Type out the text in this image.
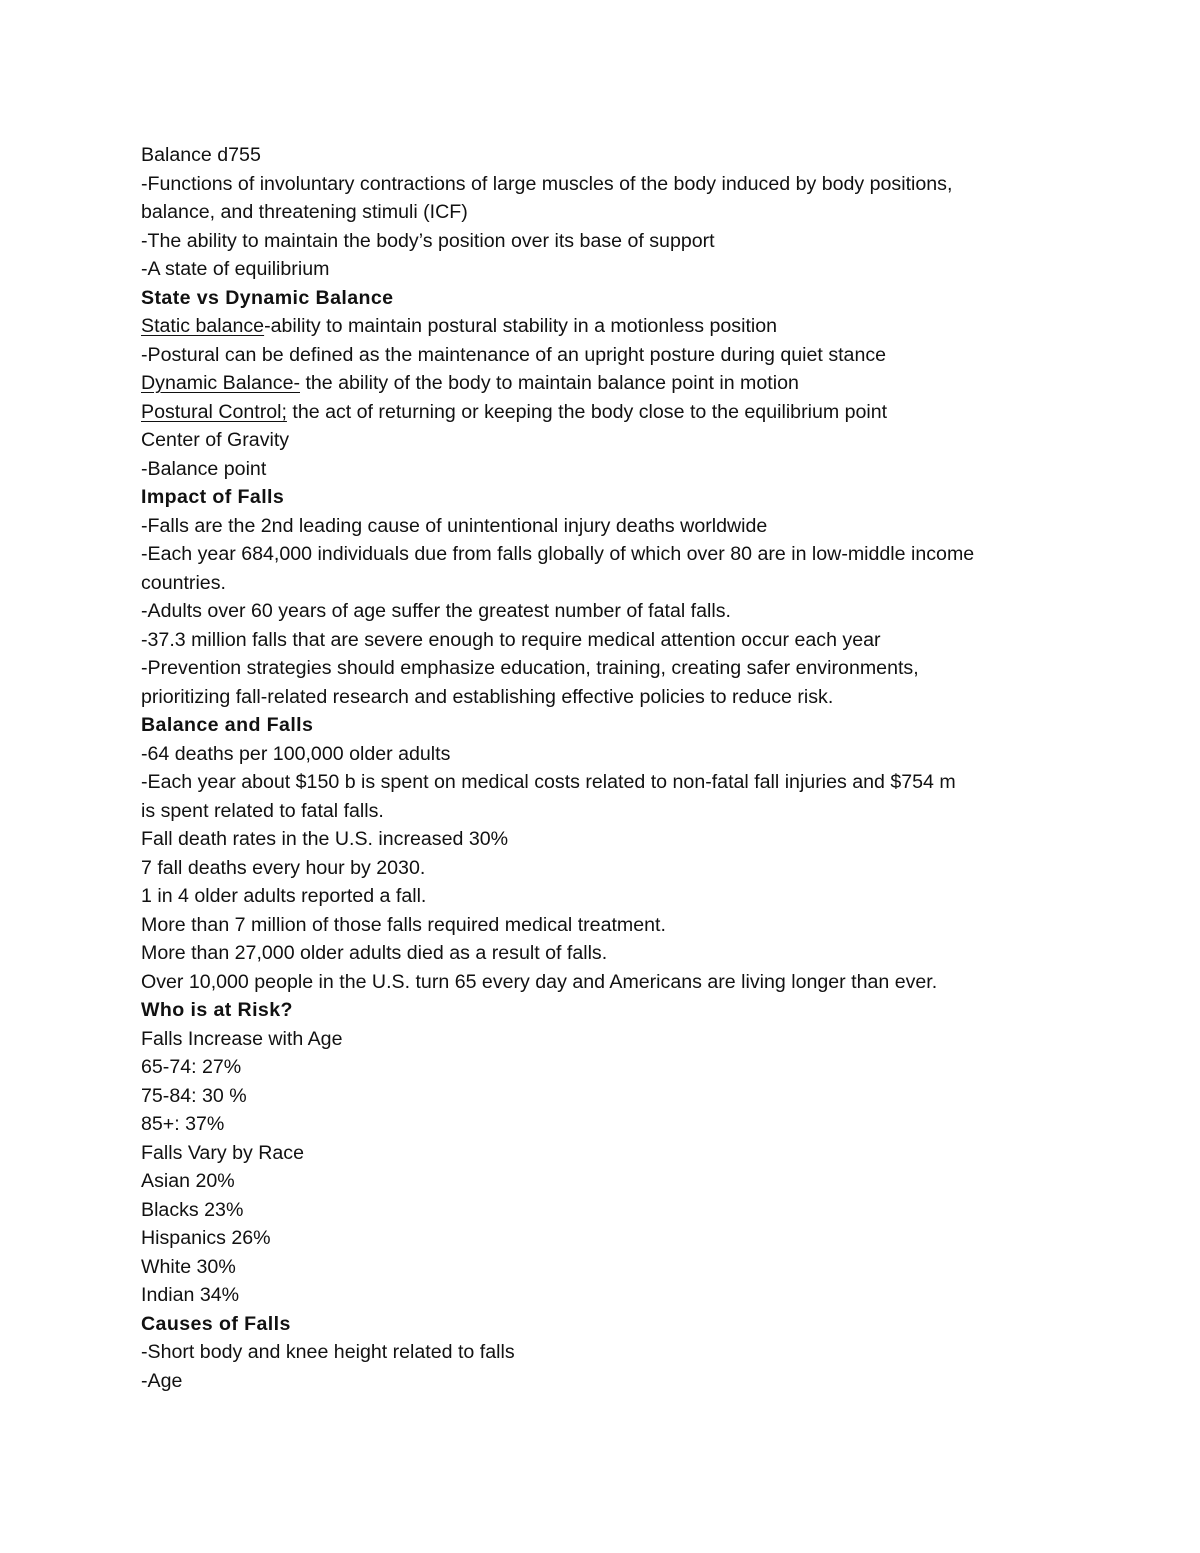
Balance d755
-Functions of involuntary contractions of large muscles of the body induced by body positions,
balance, and threatening stimuli (ICF)
-The ability to maintain the body’s position over its base of support
-A state of equilibrium
State vs Dynamic Balance
Static balance-ability to maintain postural stability in a motionless position
-Postural can be defined as the maintenance of an upright posture during quiet stance
Dynamic Balance- the ability of the body to maintain balance point in motion
Postural Control; the act of returning or keeping the body close to the equilibrium point
Center of Gravity
-Balance point
Impact of Falls
-Falls are the 2nd leading cause of unintentional injury deaths worldwide
-Each year 684,000 individuals due from falls globally of which over 80 are in low-middle income
countries.
-Adults over 60 years of age suffer the greatest number of fatal falls.
-37.3 million falls that are severe enough to require medical attention occur each year
-Prevention strategies should emphasize education, training, creating safer environments,
prioritizing fall-related research and establishing effective policies to reduce risk.
Balance and Falls
-64 deaths per 100,000 older adults
-Each year about $150 b is spent on medical costs related to non-fatal fall injuries and $754 m
is spent related to fatal falls.
Fall death rates in the U.S. increased 30%
7 fall deaths every hour by 2030.
1 in 4 older adults reported a fall.
More than 7 million of those falls required medical treatment.
More than 27,000 older adults died as a result of falls.
Over 10,000 people in the U.S. turn 65 every day and Americans are living longer than ever.
Who is at Risk?
Falls Increase with Age
65-74: 27%
75-84: 30 %
85+: 37%
Falls Vary by Race
Asian 20%
Blacks 23%
Hispanics 26%
White 30%
Indian 34%
Causes of Falls
-Short body and knee height related to falls
-Age
